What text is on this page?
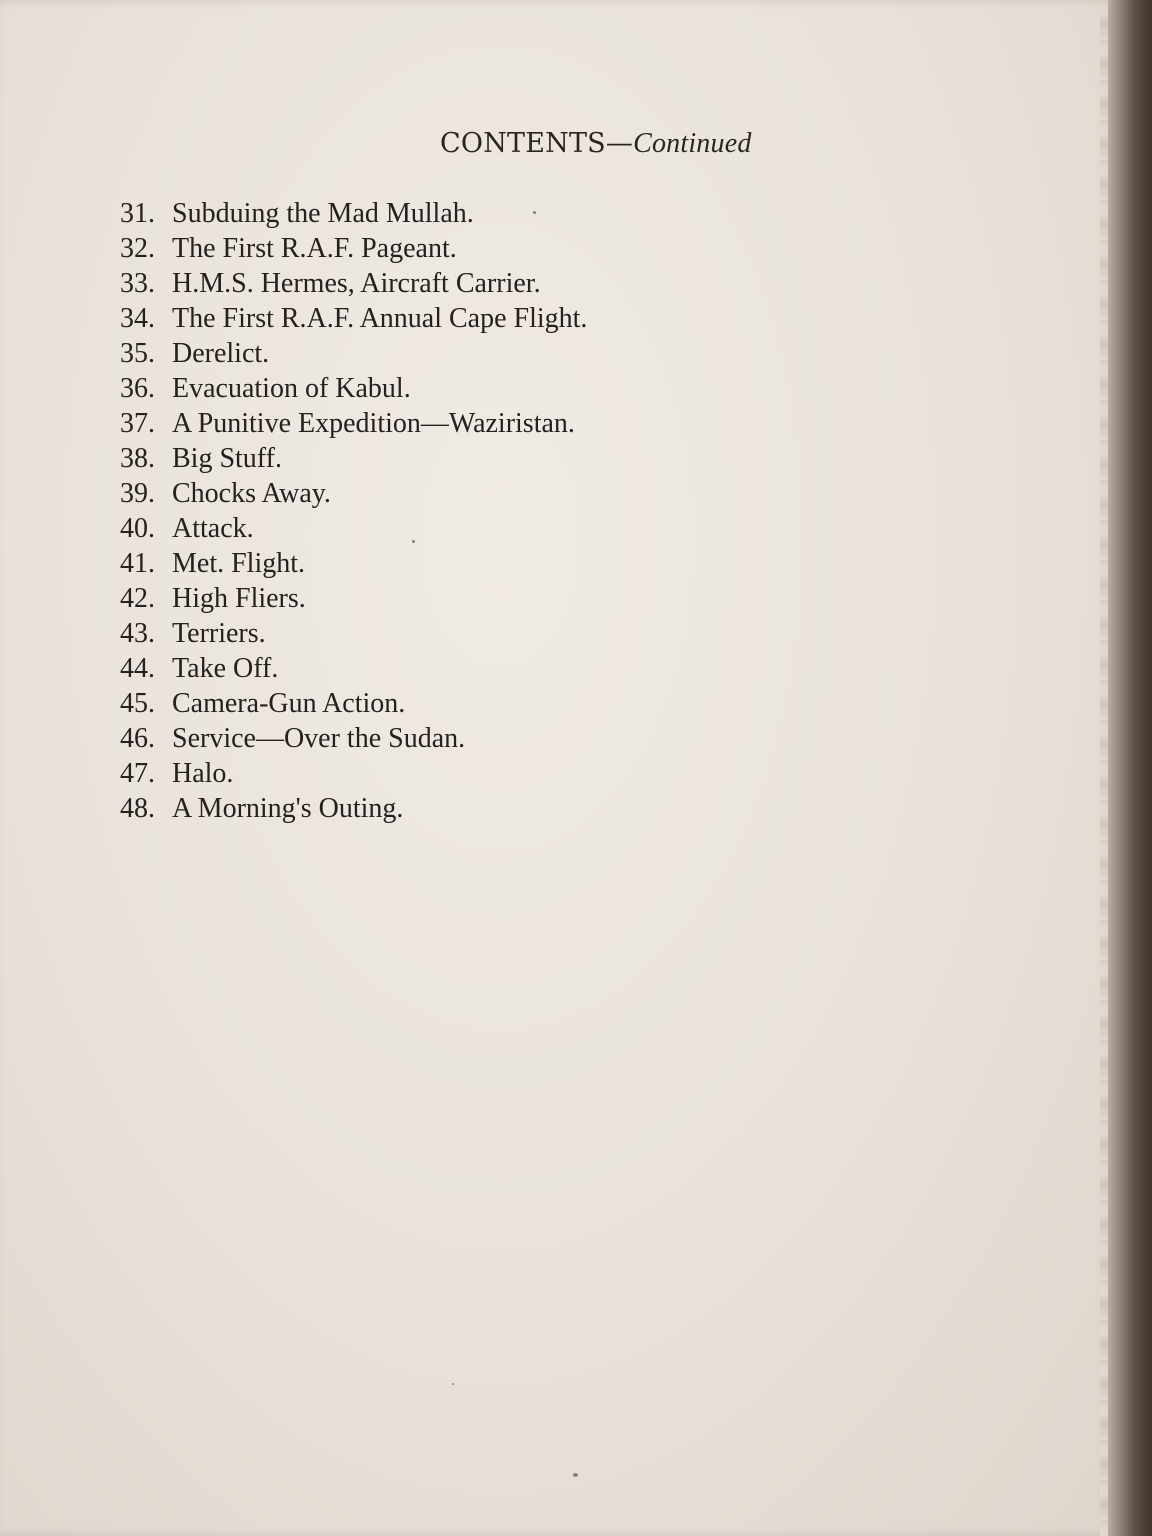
CONTENTS—Continued
31. Subduing the Mad Mullah.
32. The First R.A.F. Pageant.
33. H.M.S. Hermes, Aircraft Carrier.
34. The First R.A.F. Annual Cape Flight.
35. Derelict.
36. Evacuation of Kabul.
37. A Punitive Expedition—Waziristan.
38. Big Stuff.
39. Chocks Away.
40. Attack.
41. Met. Flight.
42. High Fliers.
43. Terriers.
44. Take Off.
45. Camera-Gun Action.
46. Service—Over the Sudan.
47. Halo.
48. A Morning's Outing.
